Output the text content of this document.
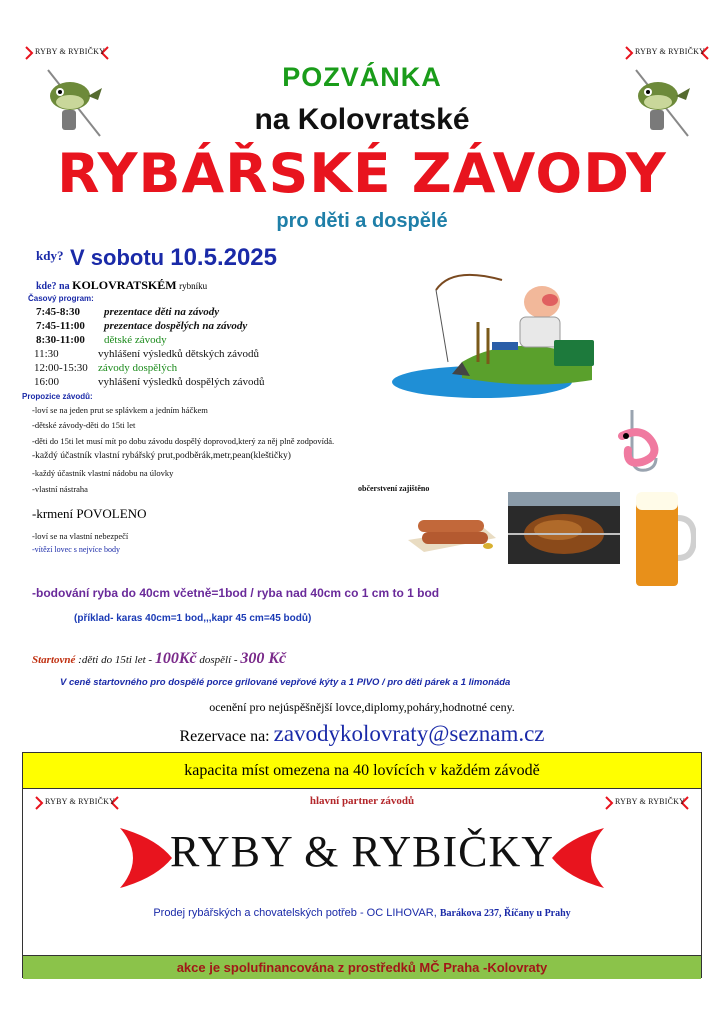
RYBY & RYBIČKY	RYBY & RYBIČKY
POZVÁNKA
na Kolovratské
RYBÁŘSKÉ ZÁVODY
pro děti a dospělé
kdy? V sobotu 10.5.2025
kde? na KOLOVRATSKÉM rybníku
Časový program:
7:45-8:30 prezentace děti na závody
7:45-11:00 prezentace dospělých na závody
8:30-11:00 dětské závody
11:30	vyhlášení výsledků dětských závodů
12:00-15:30 závody dospělých
16:00	vyhlášení výsledků dospělých závodů
Propozice závodů:
-loví se na jeden prut se splávkem a jedním háčkem
-dětské závody-děti do 15ti let
-děti do 15ti let musí mít po dobu závodu dospělý doprovod,který za něj plně zodpovídá.
-každý účastník vlastní rybářský prut,podběrák,metr,pean(kleštičky)
-každý účastník vlastní nádobu na úlovky
-vlastní nástraha	občerstvení zajištěno
-krmení POVOLENO
-loví se na vlastní nebezpečí
-vítězí lovec s nejvíce body
-bodování ryba do 40cm včetně=1bod / ryba nad 40cm co 1 cm to 1 bod
(příklad- karas 40cm=1 bod,,,kapr 45 cm=45 bodů)
Startovné :děti do 15ti let - 100Kč dospělí - 300 Kč
V ceně startovného pro dospělé porce grilované vepřové kýty a 1 PIVO / pro děti párek a 1 limonáda
ocenění pro nejúspěšnější lovce,diplomy,poháry,hodnotné ceny.
Rezervace na: zavodykolovraty@seznam.cz
kapacita míst omezena na 40 lovících v každém závodě
RYBY & RYBIČKY	RYBY & RYBIČKY
hlavní partner závodů
RYBY & RYBIČKY
Prodej rybářských a chovatelských potřeb - OC LIHOVAR, Barákova 237, Říčany u Prahy
akce je spolufinancována z prostředků MČ Praha -Kolovraty
